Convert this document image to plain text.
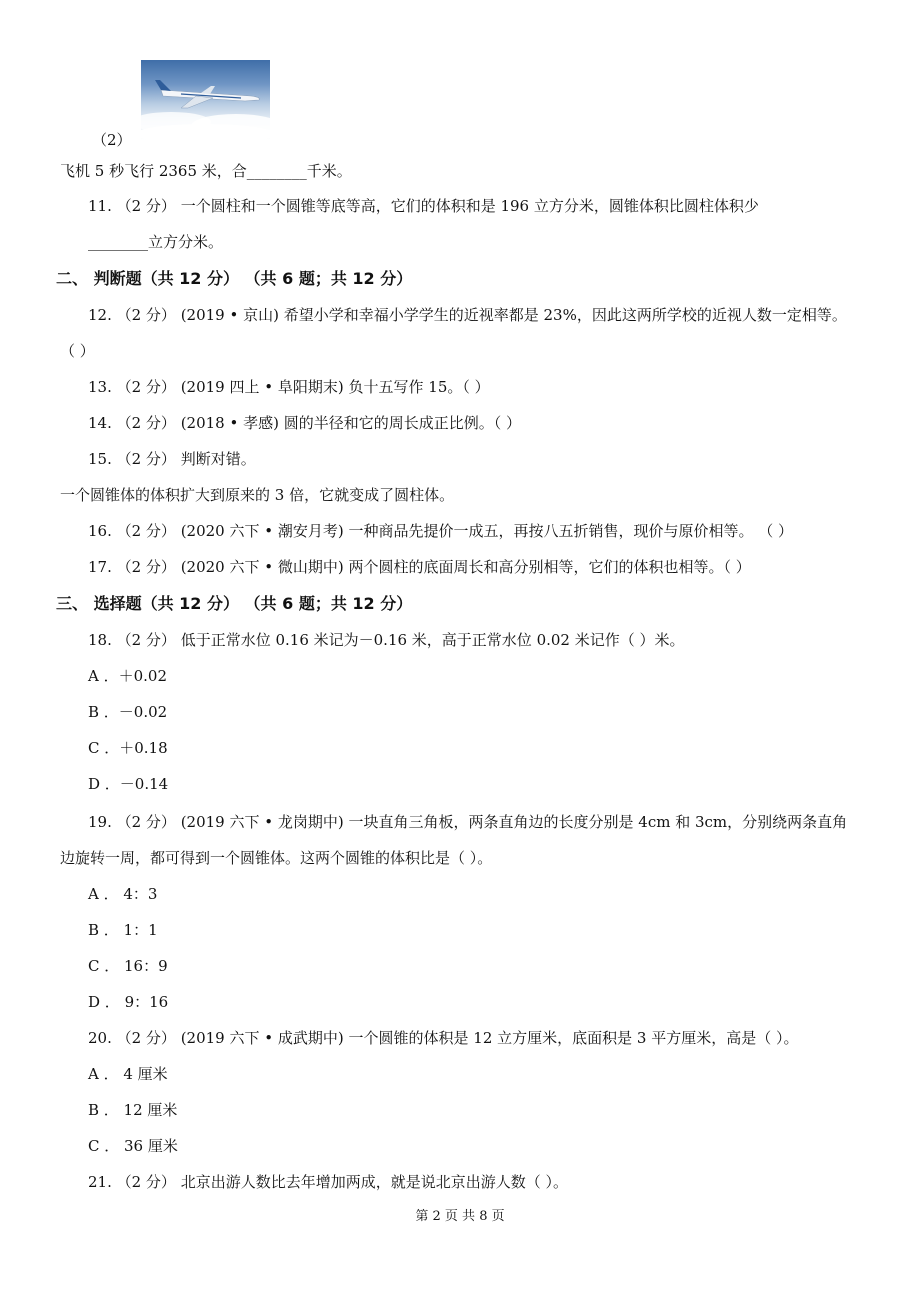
（2）
飞机 5 秒飞行 2365 米，合________千米。
11. （2 分） 一个圆柱和一个圆锥等底等高，它们的体积和是 196 立方分米，圆锥体积比圆柱体积少
________立方分米。
二、 判断题（共 12 分） （共 6 题；共 12 分）
12. （2 分） (2019 • 京山) 希望小学和幸福小学学生的近视率都是 23%，因此这两所学校的近视人数一定相等。
（ ）
13. （2 分） (2019 四上 • 阜阳期末) 负十五写作 15。（ ）
14. （2 分） (2018 • 孝感) 圆的半径和它的周长成正比例。（ ）
15. （2 分） 判断对错。
一个圆锥体的体积扩大到原来的 3 倍，它就变成了圆柱体。
16. （2 分） (2020 六下 • 潮安月考) 一种商品先提价一成五，再按八五折销售，现价与原价相等。 （ ）
17. （2 分） (2020 六下 • 微山期中) 两个圆柱的底面周长和高分别相等，它们的体积也相等。（ ）
三、 选择题（共 12 分） （共 6 题；共 12 分）
18. （2 分） 低于正常水位 0.16 米记为－0.16 米，高于正常水位 0.02 米记作（ ）米。
A ．＋0.02
B ．－0.02
C ．＋0.18
D ．－0.14
19. （2 分） (2019 六下 • 龙岗期中) 一块直角三角板，两条直角边的长度分别是 4cm 和 3cm，分别绕两条直角
边旋转一周，都可得到一个圆锥体。这两个圆锥的体积比是（ ）。
A ． 4：3
B ． 1：1
C ． 16：9
D ． 9：16
20. （2 分） (2019 六下 • 成武期中) 一个圆锥的体积是 12 立方厘米，底面积是 3 平方厘米，高是（ ）。
A ． 4 厘米
B ． 12 厘米
C ． 36 厘米
21. （2 分） 北京出游人数比去年增加两成，就是说北京出游人数（ ）。
第 2 页 共 8 页
